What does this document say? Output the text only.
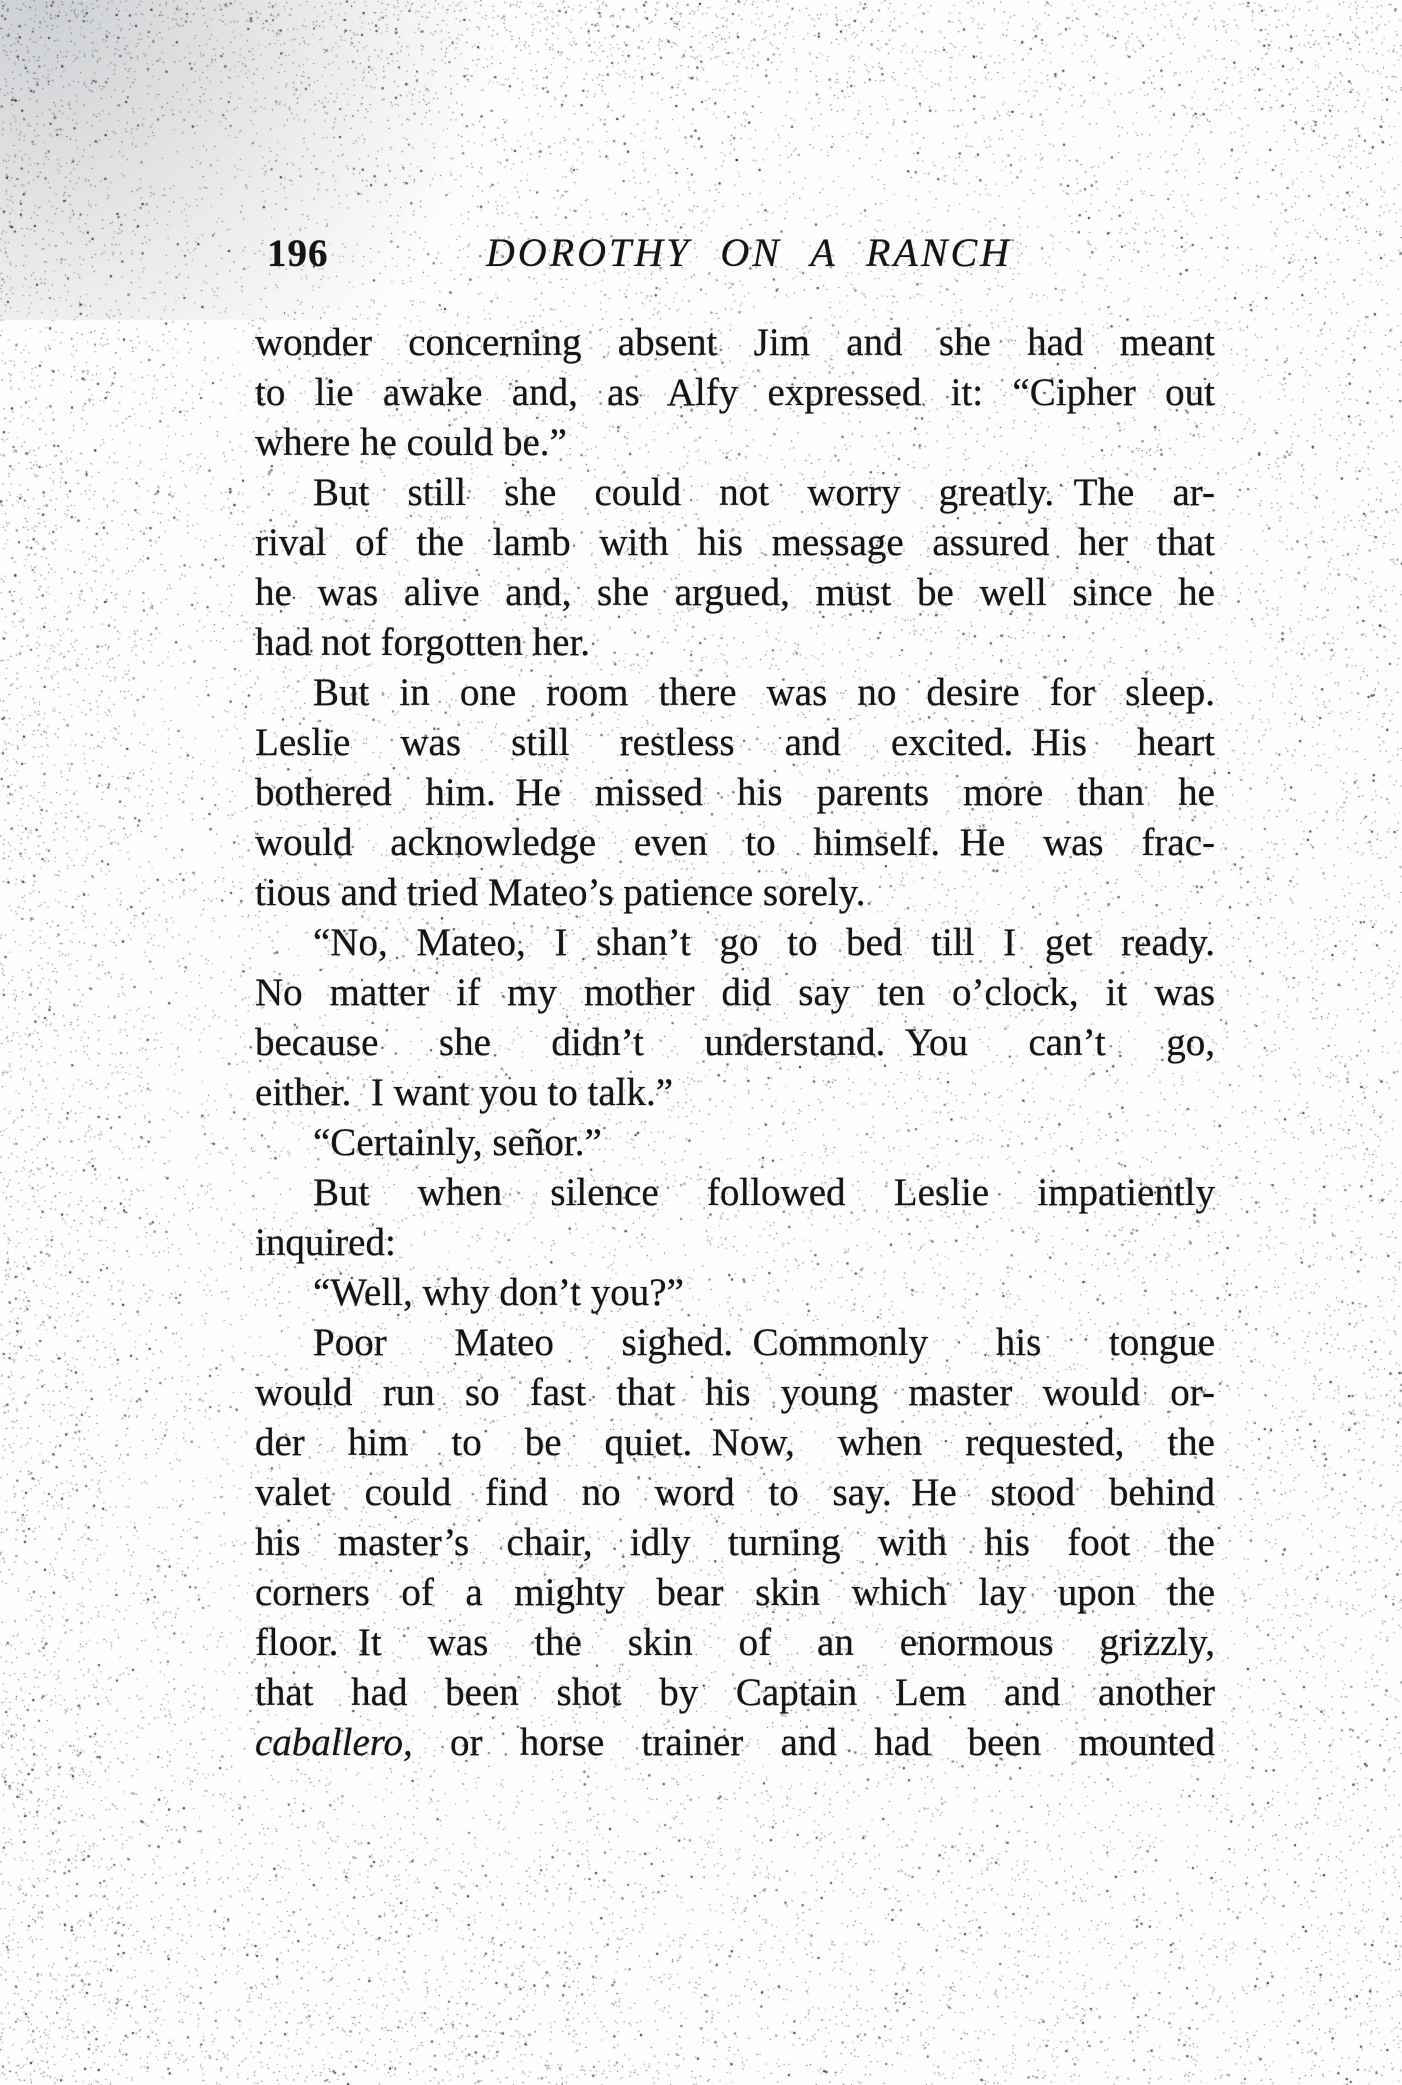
196	DOROTHY ON A RANCH
wonder concerning absent Jim and she had meant
to lie awake and, as Alfy expressed it: “Cipher out
where he could be.”
But still she could not worry greatly. The ar-
rival of the lamb with his message assured her that
he was alive and, she argued, must be well since he
had not forgotten her.
But in one room there was no desire for sleep.
Leslie was still restless and excited. His heart
bothered him. He missed his parents more than he
would acknowledge even to himself. He was frac-
tious and tried Mateo’s patience sorely.
“No, Mateo, I shan’t go to bed till I get ready.
No matter if my mother did say ten o’clock, it was
because she didn’t understand. You can’t go,
either. I want you to talk.”
“Certainly, señor.”
But when silence followed Leslie impatiently
inquired:
“Well, why don’t you?”
Poor Mateo sighed. Commonly his tongue
would run so fast that his young master would or-
der him to be quiet. Now, when requested, the
valet could find no word to say. He stood behind
his master’s chair, idly turning with his foot the
corners of a mighty bear skin which lay upon the
floor. It was the skin of an enormous grizzly,
that had been shot by Captain Lem and another
caballero, or horse trainer and had been mounted
